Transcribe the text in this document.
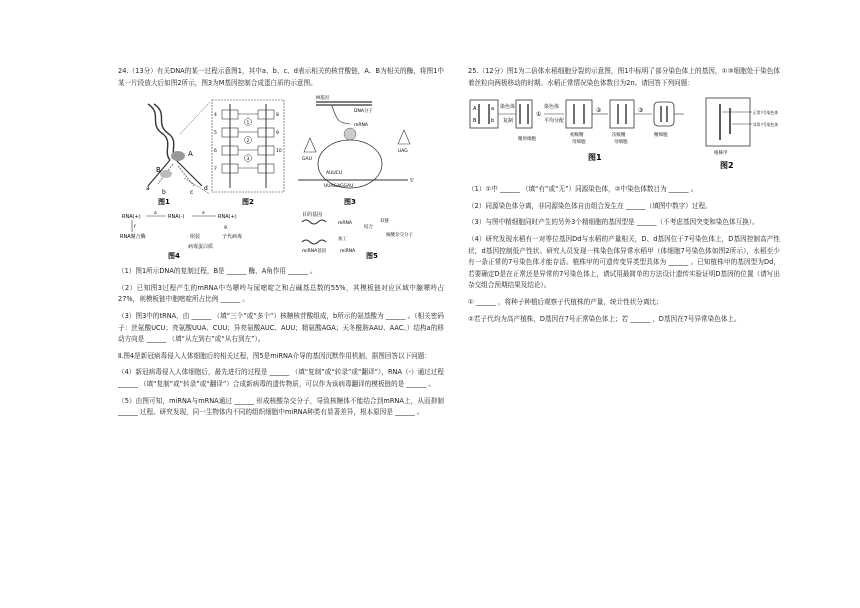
24.（13分）有关DNA的某一过程示意图1，其中a、b、c、d表示相关的核苷酸链，A、B为相关的酶，将图1中某一片段放大后如图2所示，图3为M基因控制合成蛋白质的示意图。

A
B
a
b	c
d
图1
1
2
3
4
5
6
7
8
9
10
图2
M基因
DNA分子
mRNA
AUUCU
UUAGAGGAU
5'
GAU
UAG
图3
RNA(+)	RNA(-)	RNA(+)
a	e
f
RNA聚合酶	组装	子代病毒
病毒蛋白质
g
图4
目的基因
mRNA
结合
双链
核酸杂交分子
miRNA基因
加工
miRNA
图5

（1）图1所示DNA的复制过程，B是 ______ 酶，A角作用 ______ 。

（2）已知图3过程产生的mRNA中鸟嘌呤与尿嘧啶之和占碱基总数的55%，其模板链对应区域中腺嘌呤占27%，则模板链中胞嘧啶所占比例 ______ 。

（3）图3中的tRNA，由 ______ （填“三个”或“多个”）核糖核苷酸组成，b所示的氨基酸为 ______ 。（相关密码子：丝氨酸UCU；亮氨酸UUA、CUU；异亮氨酸AUC、AUU；精氨酸AGA；天冬酰胺AAU、AAC。）结构a的移动方向是 ______ （填“从左到右”或“从右到左”）。

Ⅱ.图4是新冠病毒侵入人体细胞后的相关过程，图5是miRNA介导的基因沉默作用机制，据图回答以下问题：

（4）新冠病毒侵入人体细胞后，最先进行的过程是 ______ （填“复制”或“转录”或“翻译”），RNA（-）通过过程 ______ （填“复制”或“转录”或“翻译”）合成新病毒的遗传物质，可以作为该病毒翻译的模板链的是 ______ 。

（5）由图可知，miRNA与mRNA通过 ______ 形成核酸杂交分子，导致核糖体不能结合到mRNA上，从而抑制 ______ 过程。研究发现，同一生物体内不同的组织细胞中miRNA种类有显著差异，根本原因是 ______ 。

25.（12分）图1为二倍体水稻细胞分裂的示意图，图1中标明了部分染色体上的基因，①③细胞处于染色体着丝粒向两极移动的时期。水稻正常情况染色体数目为2n。请回答下列问题：

A	a
B	b
染色体
复制
①
染色体
平均分配
②	③
精原细胞
初级精
母细胞
次级精
母细胞
精细胞
图1
正常7号染色体
异常7号染色体
植株甲
图2

（1）①中 ______ （填“有”或“无”）同源染色体，②中染色体数目为 ______ 。

（2）同源染色体分离，非同源染色体自由组合发生在 ______（填图中数字）过程。

（3）与图中精细胞同时产生的另外3个精细胞的基因型是 ______（不考虑基因突变和染色体互换）。

（4）研究发现水稻有一对等位基因Dd与水稻的产量相关，D、d基因位于7号染色体上，D基因控制高产性状，d基因控制低产性状。研究人员发现一株染色体异常水稻甲（体细胞7号染色体如图2所示），水稻至少有一条正常的7号染色体才能存活。植株甲的可遗传变异类型具体为 ______ 。已知植株甲的基因型为Dd，若要确定D是在正常还是异常的7号染色体上，请试用最简单的方法设计遗传实验证明D基因的位置（请写出杂交组合预期结果及结论）。

① ______ ，将种子种植后观察子代植株的产量，统计性状分离比；

②若子代均为高产植株，D基因在7号正常染色体上；若 ______ ，D基因在7号异常染色体上。
